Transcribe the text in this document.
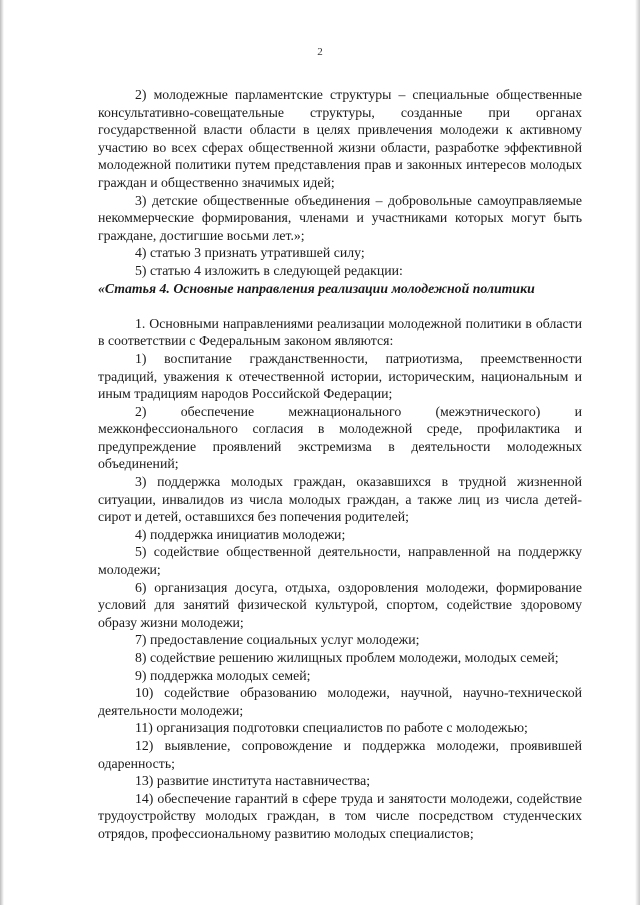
2

2) молодежные парламентские структуры – специальные общественные консультативно-совещательные структуры, созданные при органах государственной власти области в целях привлечения молодежи к активному участию во всех сферах общественной жизни области, разработке эффективной молодежной политики путем представления прав и законных интересов молодых граждан и общественно значимых идей;

3) детские общественные объединения – добровольные самоуправляемые некоммерческие формирования, членами и участниками которых могут быть граждане, достигшие восьми лет.»;

4) статью 3 признать утратившей силу;

5) статью 4 изложить в следующей редакции:

«Статья 4. Основные направления реализации молодежной политики

1. Основными направлениями реализации молодежной политики в области в соответствии с Федеральным законом являются:

1) воспитание гражданственности, патриотизма, преемственности традиций, уважения к отечественной истории, историческим, национальным и иным традициям народов Российской Федерации;

2) обеспечение межнационального (межэтнического) и межконфессионального согласия в молодежной среде, профилактика и предупреждение проявлений экстремизма в деятельности молодежных объединений;

3) поддержка молодых граждан, оказавшихся в трудной жизненной ситуации, инвалидов из числа молодых граждан, а также лиц из числа детей-сирот и детей, оставшихся без попечения родителей;

4) поддержка инициатив молодежи;

5) содействие общественной деятельности, направленной на поддержку молодежи;

6) организация досуга, отдыха, оздоровления молодежи, формирование условий для занятий физической культурой, спортом, содействие здоровому образу жизни молодежи;

7) предоставление социальных услуг молодежи;

8) содействие решению жилищных проблем молодежи, молодых семей;

9) поддержка молодых семей;

10) содействие образованию молодежи, научной, научно-технической деятельности молодежи;

11) организация подготовки специалистов по работе с молодежью;

12) выявление, сопровождение и поддержка молодежи, проявившей одаренность;

13) развитие института наставничества;

14) обеспечение гарантий в сфере труда и занятости молодежи, содействие трудоустройству молодых граждан, в том числе посредством студенческих отрядов, профессиональному развитию молодых специалистов;
